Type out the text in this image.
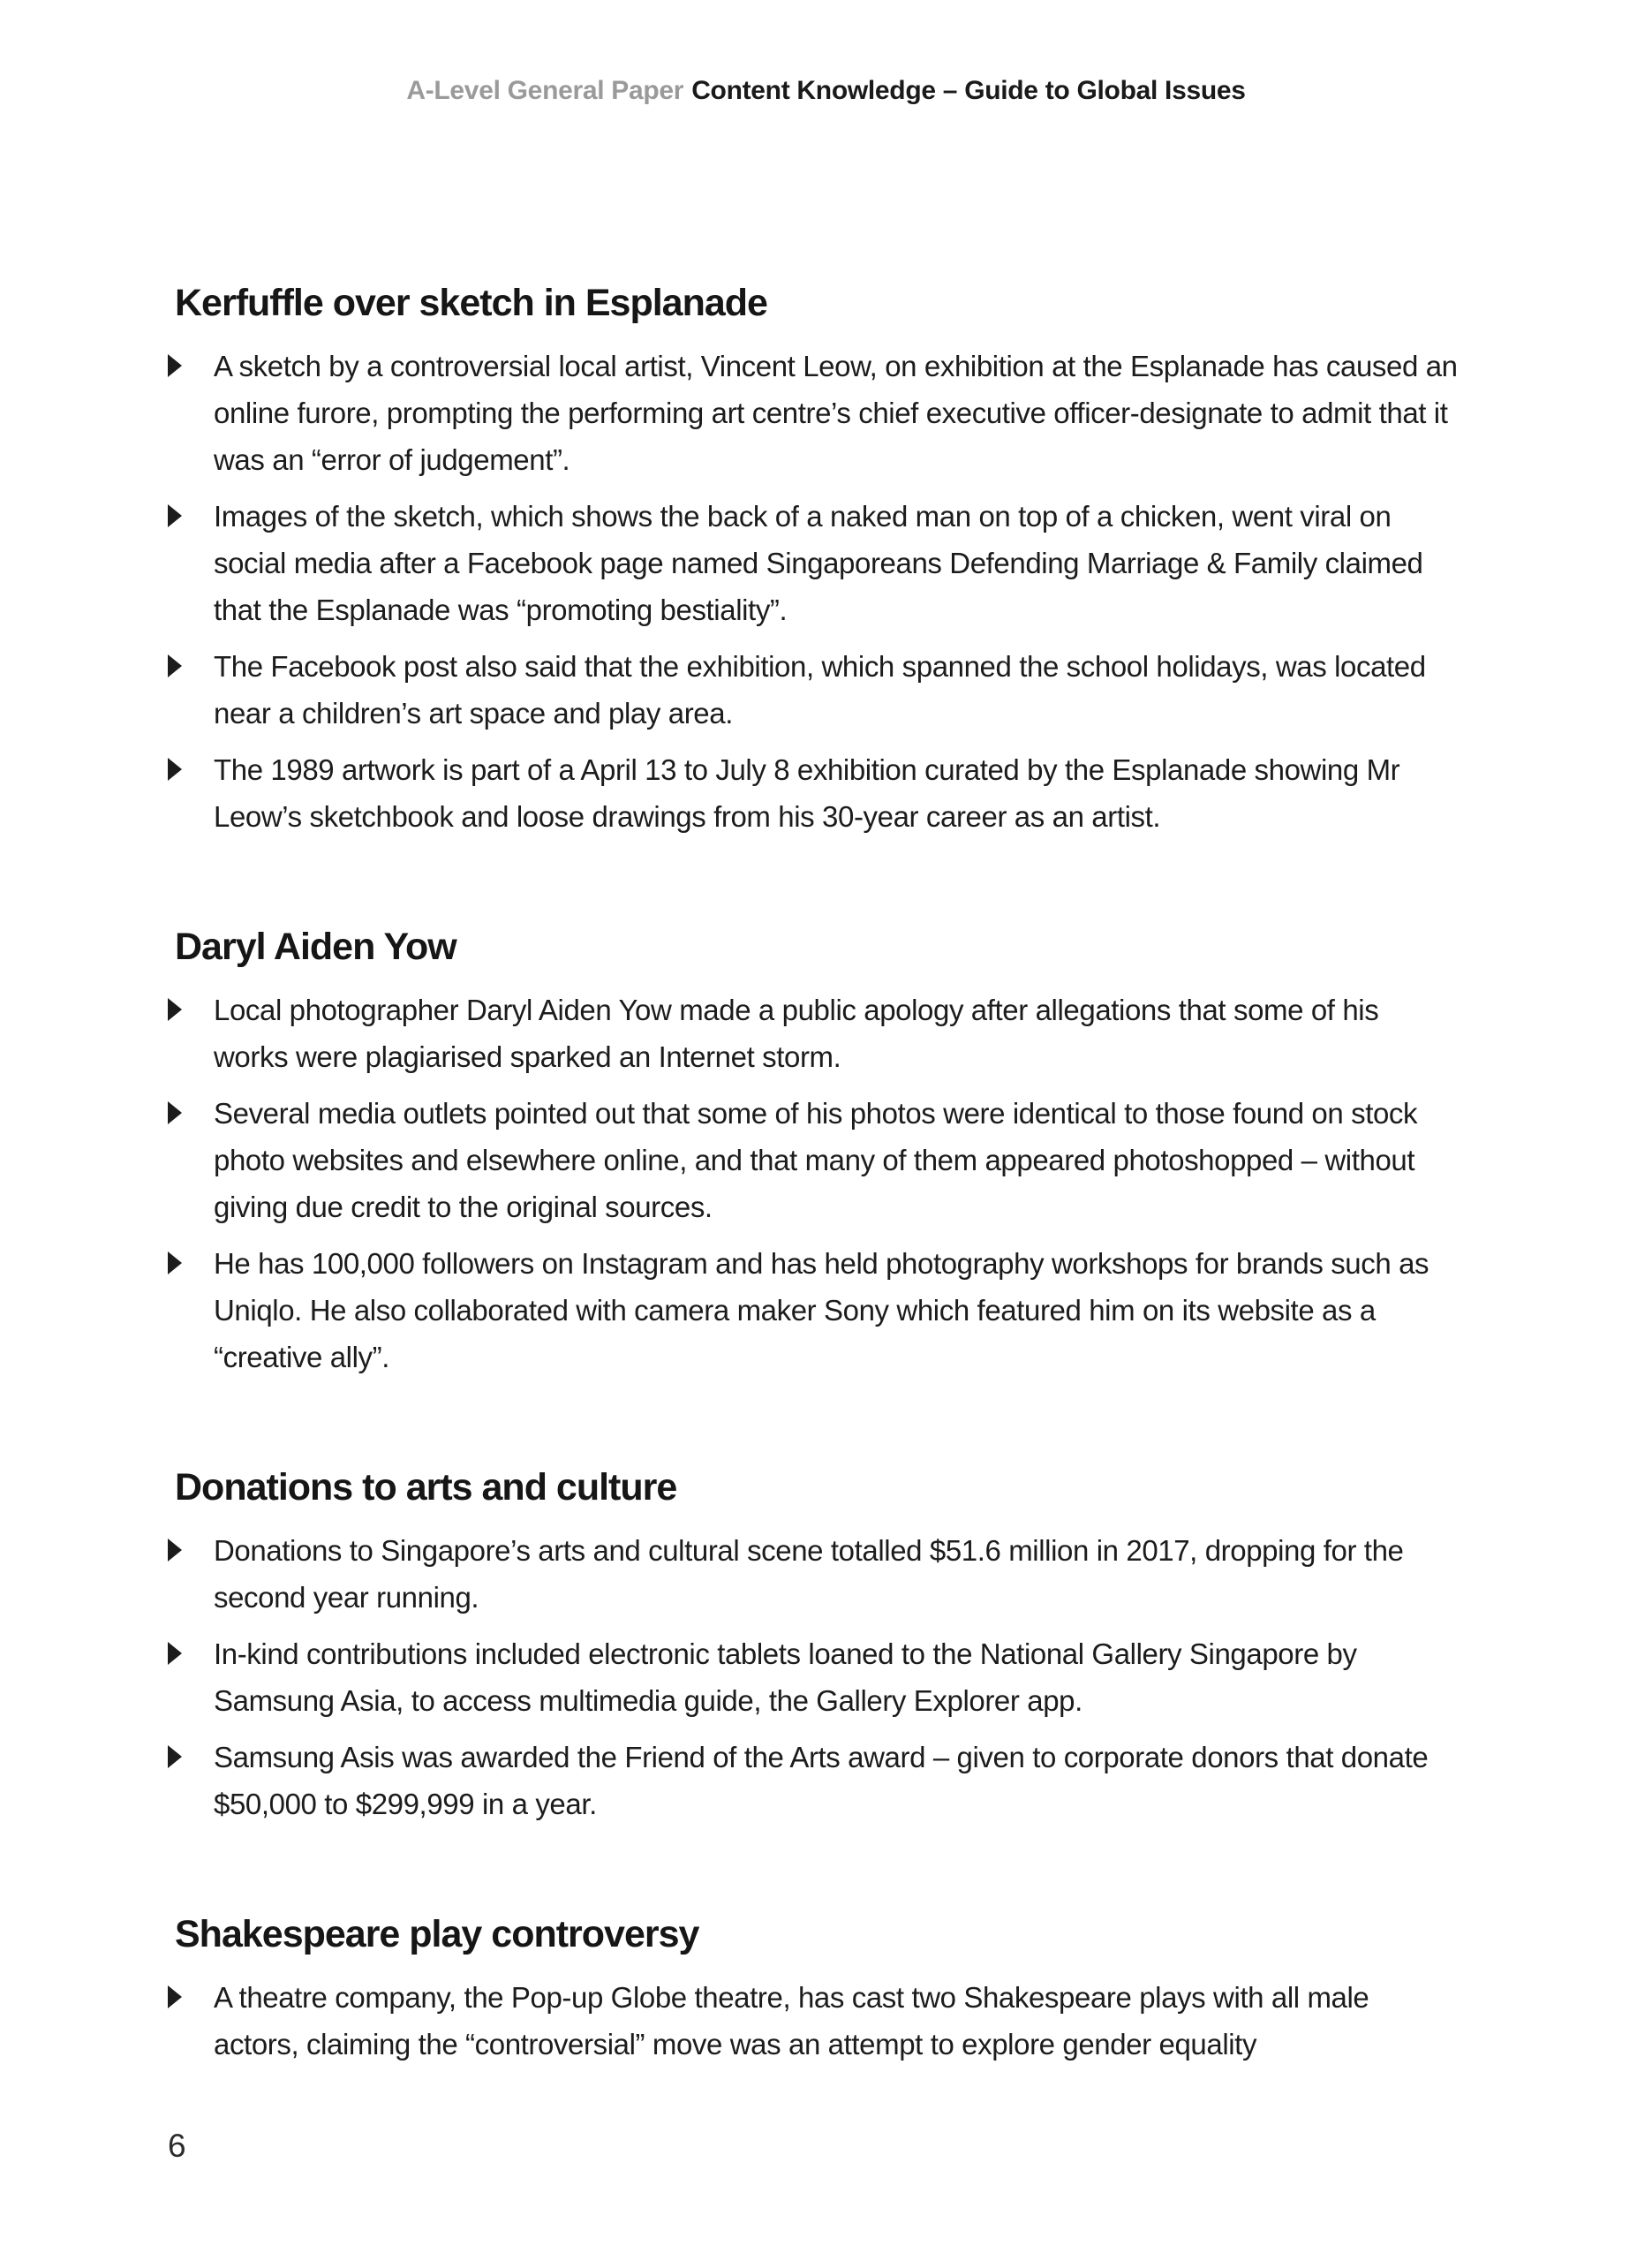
A-Level General Paper Content Knowledge – Guide to Global Issues
Kerfuffle over sketch in Esplanade

A sketch by a controversial local artist, Vincent Leow, on exhibition at the Esplanade has caused an online furore, prompting the performing art centre’s chief executive officer-designate to admit that it was an “error of judgement”.

Images of the sketch, which shows the back of a naked man on top of a chicken, went viral on social media after a Facebook page named Singaporeans Defending Marriage & Family claimed that the Esplanade was “promoting bestiality”.

The Facebook post also said that the exhibition, which spanned the school holidays, was located near a children’s art space and play area.

The 1989 artwork is part of a April 13 to July 8 exhibition curated by the Esplanade showing Mr Leow’s sketchbook and loose drawings from his 30-year career as an artist.

Daryl Aiden Yow

Local photographer Daryl Aiden Yow made a public apology after allegations that some of his works were plagiarised sparked an Internet storm.

Several media outlets pointed out that some of his photos were identical to those found on stock photo websites and elsewhere online, and that many of them appeared photoshopped – without giving due credit to the original sources.

He has 100,000 followers on Instagram and has held photography workshops for brands such as Uniqlo. He also collaborated with camera maker Sony which featured him on its website as a “creative ally”.

Donations to arts and culture

Donations to Singapore’s arts and cultural scene totalled $51.6 million in 2017, dropping for the second year running.

In-kind contributions included electronic tablets loaned to the National Gallery Singapore by Samsung Asia, to access multimedia guide, the Gallery Explorer app.

Samsung Asis was awarded the Friend of the Arts award – given to corporate donors that donate $50,000 to $299,999 in a year.

Shakespeare play controversy

A theatre company, the Pop-up Globe theatre, has cast two Shakespeare plays with all male actors, claiming the “controversial” move was an attempt to explore gender equality

6
